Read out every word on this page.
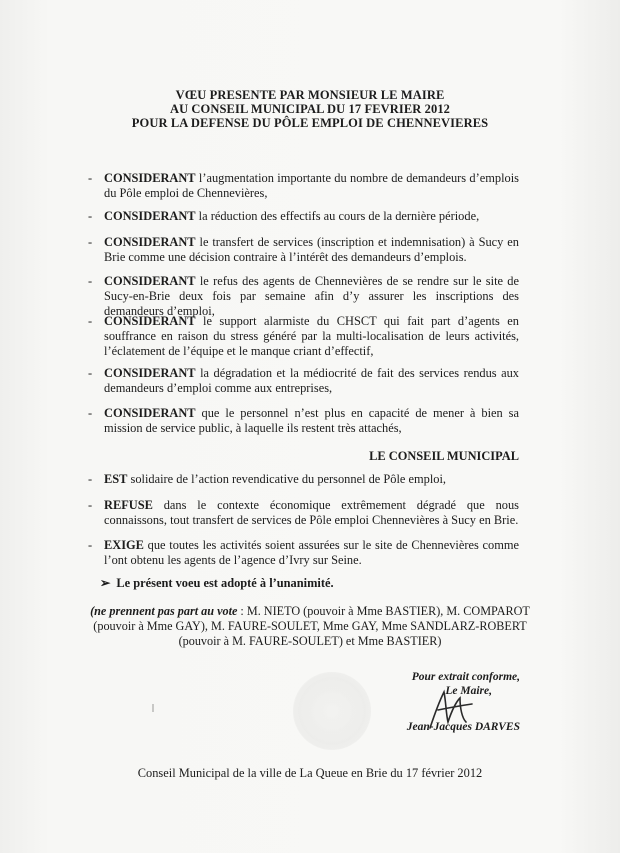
VŒU PRESENTE PAR MONSIEUR LE MAIRE
AU CONSEIL MUNICIPAL DU 17 FEVRIER 2012
POUR LA DEFENSE DU PÔLE EMPLOI DE CHENNEVIERES
- CONSIDERANT l’augmentation importante du nombre de demandeurs d’emplois du Pôle emploi de Chennevières,
- CONSIDERANT la réduction des effectifs au cours de la dernière période,
- CONSIDERANT le transfert de services (inscription et indemnisation) à Sucy en Brie comme une décision contraire à l’intérêt des demandeurs d’emplois.
- CONSIDERANT le refus des agents de Chennevières de se rendre sur le site de Sucy-en-Brie deux fois par semaine afin d’y assurer les inscriptions des demandeurs d’emploi,
- CONSIDERANT le support alarmiste du CHSCT qui fait part d’agents en souffrance en raison du stress généré par la multi-localisation de leurs activités, l’éclatement de l’équipe et le manque criant d’effectif,
- CONSIDERANT la dégradation et la médiocrité de fait des services rendus aux demandeurs d’emploi comme aux entreprises,
- CONSIDERANT que le personnel n’est plus en capacité de mener à bien sa mission de service public, à laquelle ils restent très attachés,
LE CONSEIL MUNICIPAL
- EST solidaire de l’action revendicative du personnel de Pôle emploi,
- REFUSE dans le contexte économique extrêmement dégradé que nous connaissons, tout transfert de services de Pôle emploi Chennevières à Sucy en Brie.
- EXIGE que toutes les activités soient assurées sur le site de Chennevières comme l’ont obtenu les agents de l’agence d’Ivry sur Seine.
➢ Le présent voeu est adopté à l’unanimité.
(ne prennent pas part au vote : M. NIETO (pouvoir à Mme BASTIER), M. COMPAROT (pouvoir à Mme GAY), M. FAURE-SOULET, Mme GAY, Mme SANDLARZ-ROBERT (pouvoir à M. FAURE-SOULET) et Mme BASTIER)
Pour extrait conforme,
Le Maire,
Jean-Jacques DARVES
Conseil Municipal de la ville de La Queue en Brie du 17 février 2012
